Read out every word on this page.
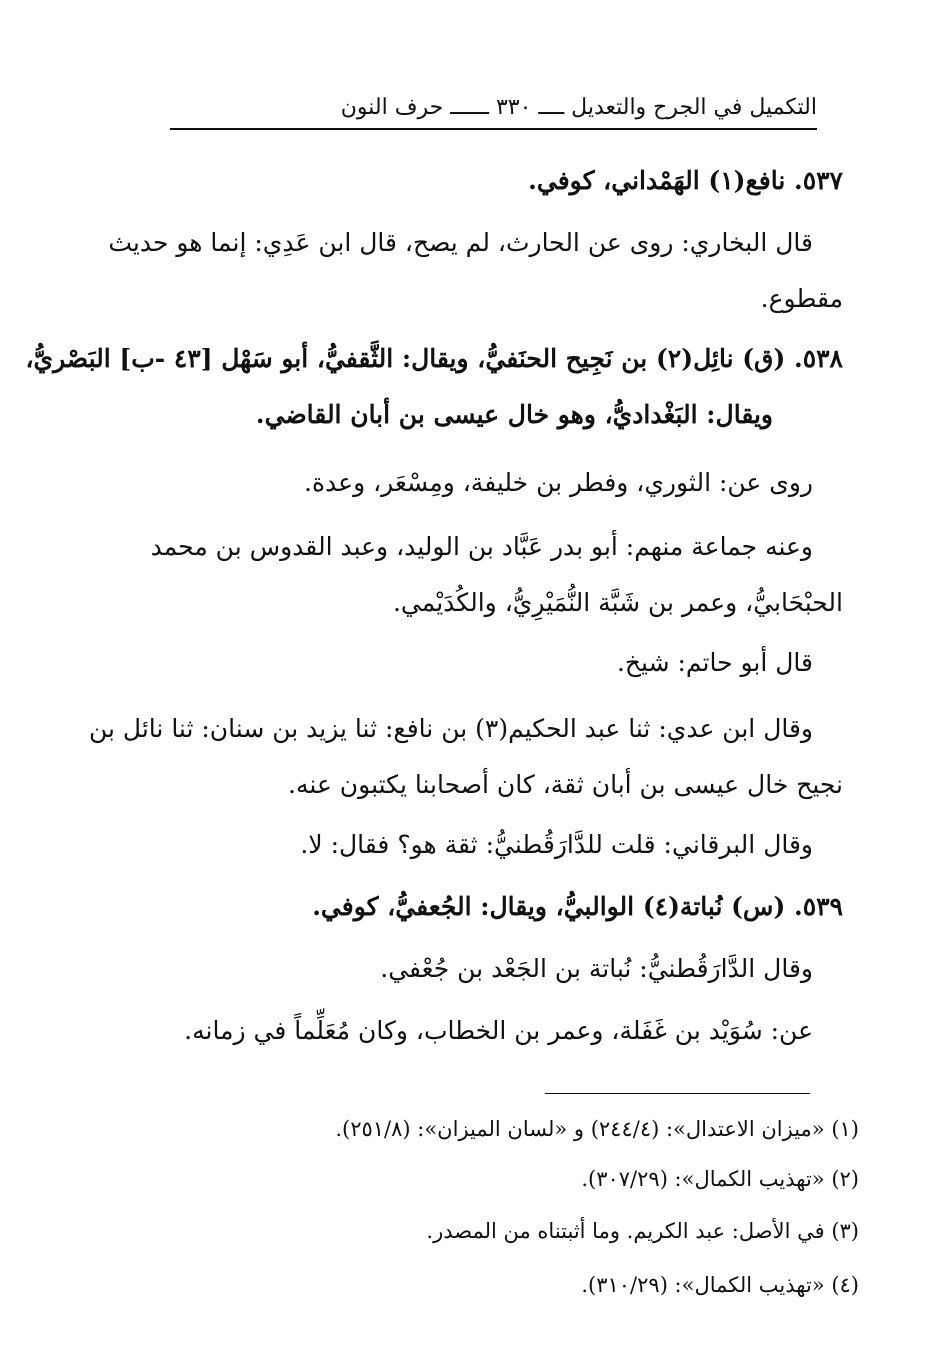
التكميل في الجرح والتعديل ــــ ٣٣٠ ــــــ حرف النون
٥٣٧. نافع(١) الهَمْداني، كوفي.
قال البخاري: روى عن الحارث، لم يصح، قال ابن عَدِي: إنما هو حديث
مقطوع.
٥٣٨. (ق) نائِل(٢) بن نَجِيح الحنَفيُّ، ويقال: الثَّقفيُّ، أبو سَهْل [٤٣ -ب] البَصْريُّ،
ويقال: البَغْداديُّ، وهو خال عيسى بن أبان القاضي.
روى عن: الثوري، وفطر بن خليفة، ومِسْعَر، وعدة.
وعنه جماعة منهم: أبو بدر عَبَّاد بن الوليد، وعبد القدوس بن محمد
الحبْحَابيُّ، وعمر بن شَبَّة النُّمَيْرِيُّ، والكُدَيْمي.
قال أبو حاتم: شيخ.
وقال ابن عدي: ثنا عبد الحكيم(٣) بن نافع: ثنا يزيد بن سنان: ثنا نائل بن
نجيح خال عيسى بن أبان ثقة، كان أصحابنا يكتبون عنه.
وقال البرقاني: قلت للدَّارَقُطنيُّ: ثقة هو؟ فقال: لا.
٥٣٩. (س) نُباتة(٤) الوالبيُّ، ويقال: الجُعفيُّ، كوفي.
وقال الدَّارَقُطنيُّ: نُباتة بن الجَعْد بن جُعْفي.
عن: سُوَيْد بن غَفَلة، وعمر بن الخطاب، وكان مُعَلِّماً في زمانه.
(١) «ميزان الاعتدال»: (٢٤٤/٤) و «لسان الميزان»: (٢٥١/٨).
(٢) «تهذيب الكمال»: (٣٠٧/٢٩).
(٣) في الأصل: عبد الكريم. وما أثبتناه من المصدر.
(٤) «تهذيب الكمال»: (٣١٠/٢٩).
